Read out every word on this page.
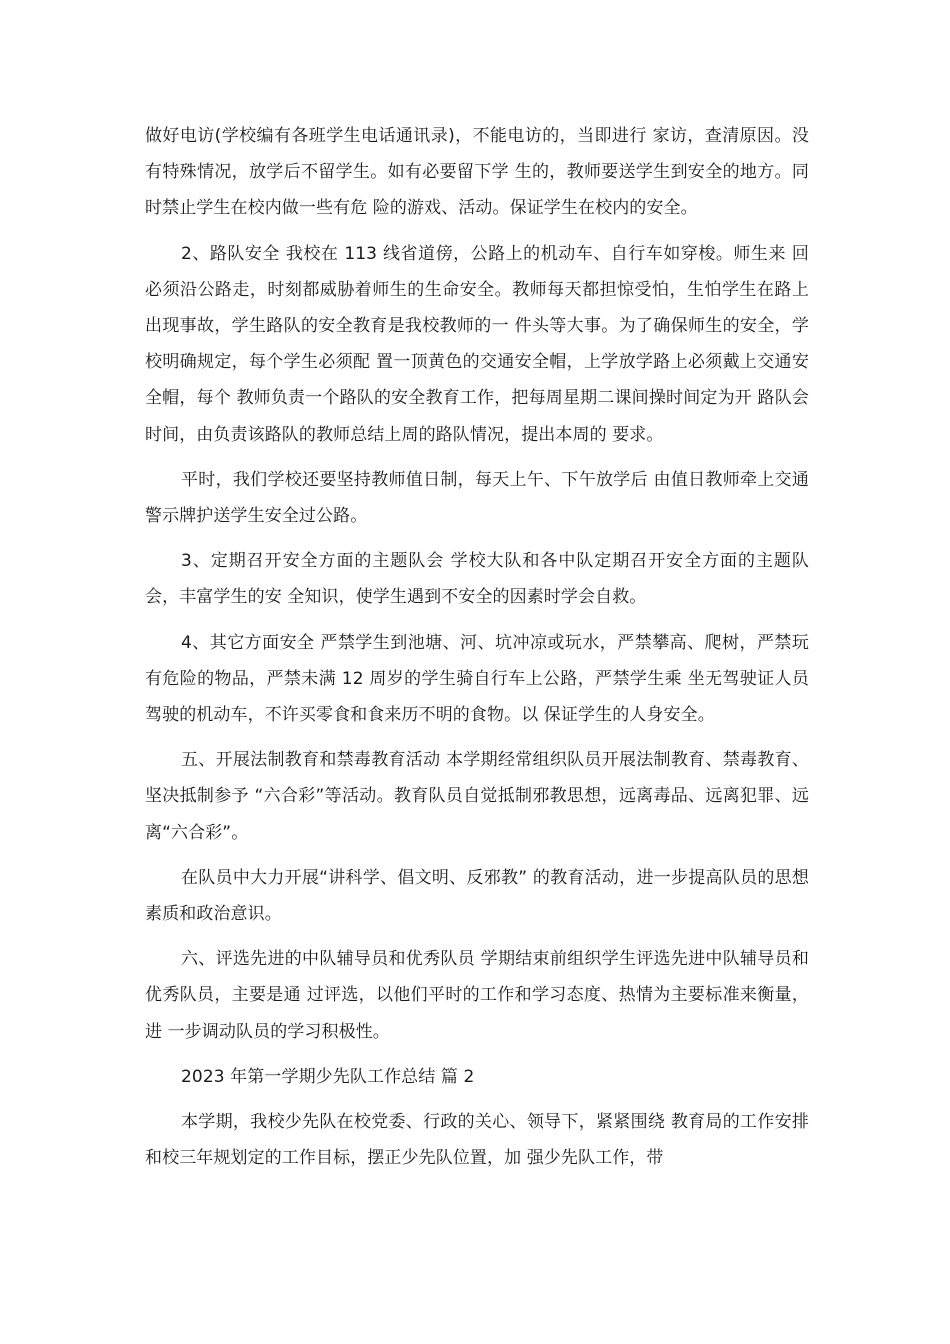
做好电访(学校编有各班学生电话通讯录)，不能电访的，当即进行 家访，查清原因。没有特殊情况，放学后不留学生。如有必要留下学 生的，教师要送学生到安全的地方。同时禁止学生在校内做一些有危 险的游戏、活动。保证学生在校内的安全。

2、路队安全 我校在 113 线省道傍，公路上的机动车、自行车如穿梭。师生来 回必须沿公路走，时刻都威胁着师生的生命安全。教师每天都担惊受怕，生怕学生在路上出现事故，学生路队的安全教育是我校教师的一 件头等大事。为了确保师生的安全，学校明确规定，每个学生必须配 置一顶黄色的交通安全帽，上学放学路上必须戴上交通安全帽，每个 教师负责一个路队的安全教育工作，把每周星期二课间操时间定为开 路队会时间，由负责该路队的教师总结上周的路队情况，提出本周的 要求。

平时，我们学校还要坚持教师值日制，每天上午、下午放学后 由值日教师牵上交通警示牌护送学生安全过公路。

3、定期召开安全方面的主题队会 学校大队和各中队定期召开安全方面的主题队会，丰富学生的安 全知识，使学生遇到不安全的因素时学会自救。

4、其它方面安全 严禁学生到池塘、河、坑冲凉或玩水，严禁攀高、爬树，严禁玩 有危险的物品，严禁未满 12 周岁的学生骑自行车上公路，严禁学生乘 坐无驾驶证人员驾驶的机动车，不许买零食和食来历不明的食物。以 保证学生的人身安全。

五、开展法制教育和禁毒教育活动 本学期经常组织队员开展法制教育、禁毒教育、坚决抵制参予 “六合彩”等活动。教育队员自觉抵制邪教思想，远离毒品、远离犯罪、远离“六合彩”。

在队员中大力开展“讲科学、倡文明、反邪教” 的教育活动，进一步提高队员的思想素质和政治意识。

六、评选先进的中队辅导员和优秀队员 学期结束前组织学生评选先进中队辅导员和优秀队员，主要是通 过评选，以他们平时的工作和学习态度、热情为主要标准来衡量，进 一步调动队员的学习积极性。

2023 年第一学期少先队工作总结 篇 2

本学期，我校少先队在校党委、行政的关心、领导下，紧紧围绕 教育局的工作安排和校三年规划定的工作目标，摆正少先队位置，加 强少先队工作，带
